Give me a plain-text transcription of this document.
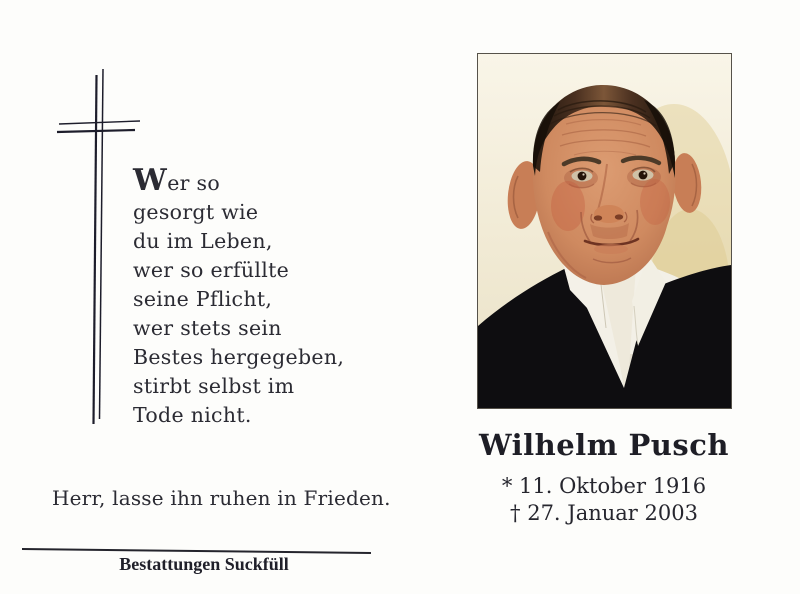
Wer so
gesorgt wie
du im Leben,
wer so erfüllte
seine Pflicht,
wer stets sein
Bestes hergegeben,
stirbt selbst im
Tode nicht.
Herr, lasse ihn ruhen in Frieden.
Bestattungen Suckfüll
Wilhelm Pusch
* 11. Oktober 1916
† 27. Januar 2003
